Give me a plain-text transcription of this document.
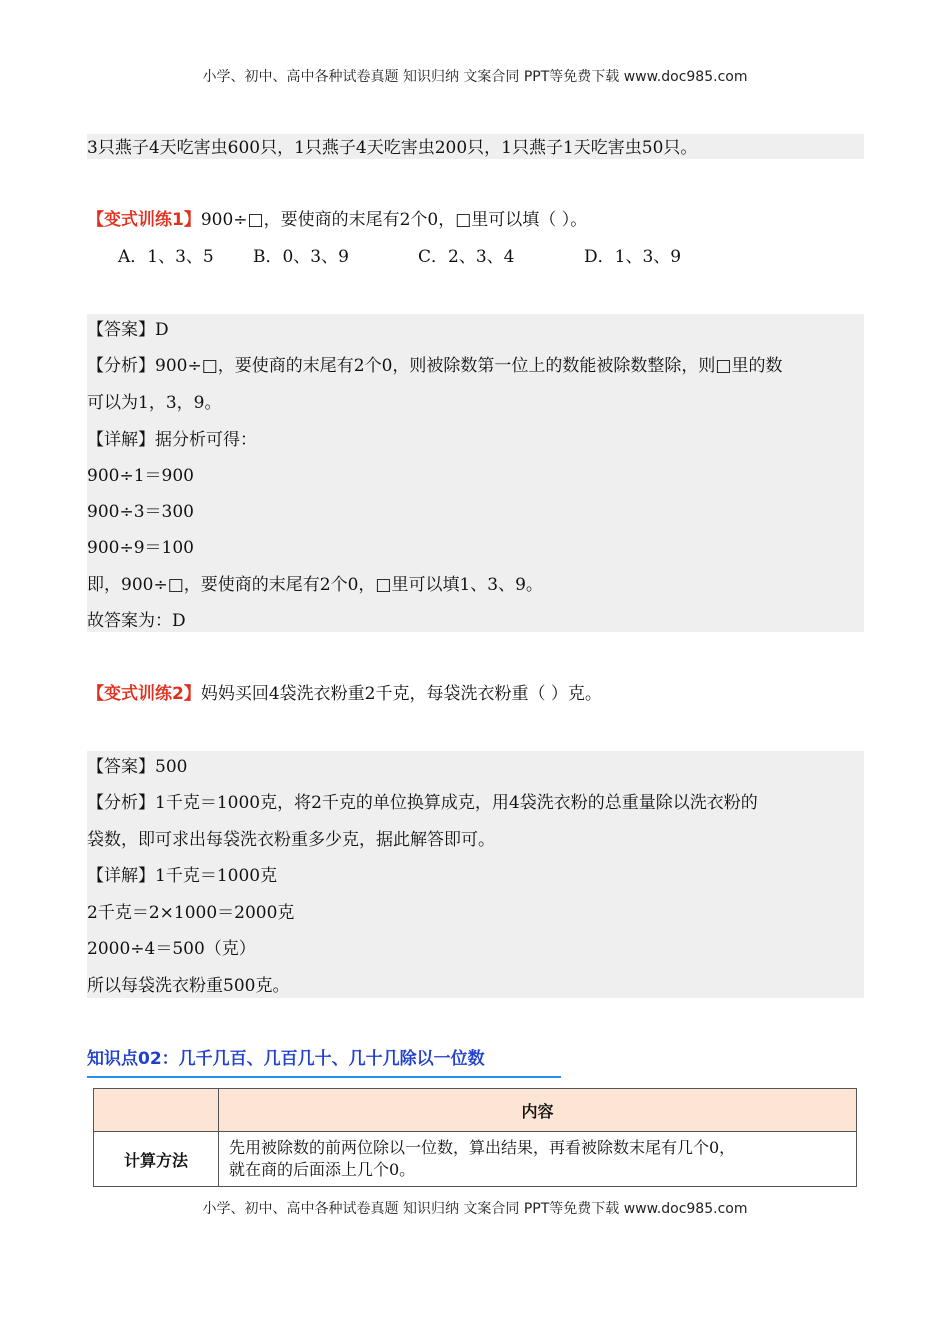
小学、初中、高中各种试卷真题 知识归纳 文案合同 PPT等免费下载 www.doc985.com
3只燕子4天吃害虫600只，1只燕子4天吃害虫200只，1只燕子1天吃害虫50只。
【变式训练1】900÷□，要使商的末尾有2个0，□里可以填（ ）。
A．1、3、5 B．0、3、9	C．2、3、4	D．1、3、9
【答案】D
【分析】900÷□，要使商的末尾有2个0，则被除数第一位上的数能被除数整除，则□里的数
可以为1，3，9。
【详解】据分析可得：
900÷1＝900
900÷3＝300
900÷9＝100
即，900÷□，要使商的末尾有2个0，□里可以填1、3、9。
故答案为：D
【变式训练2】妈妈买回4袋洗衣粉重2千克，每袋洗衣粉重（ ）克。
【答案】500
【分析】1千克＝1000克，将2千克的单位换算成克，用4袋洗衣粉的总重量除以洗衣粉的
袋数，即可求出每袋洗衣粉重多少克，据此解答即可。
【详解】1千克＝1000克
2千克＝2×1000＝2000克
2000÷4＝500（克）
所以每袋洗衣粉重500克。
知识点02：几千几百、几百几十、几十几除以一位数
	内容
计算方法	先用被除数的前两位除以一位数，算出结果，再看被除数末尾有几个0，
就在商的后面添上几个0。
小学、初中、高中各种试卷真题 知识归纳 文案合同 PPT等免费下载 www.doc985.com
